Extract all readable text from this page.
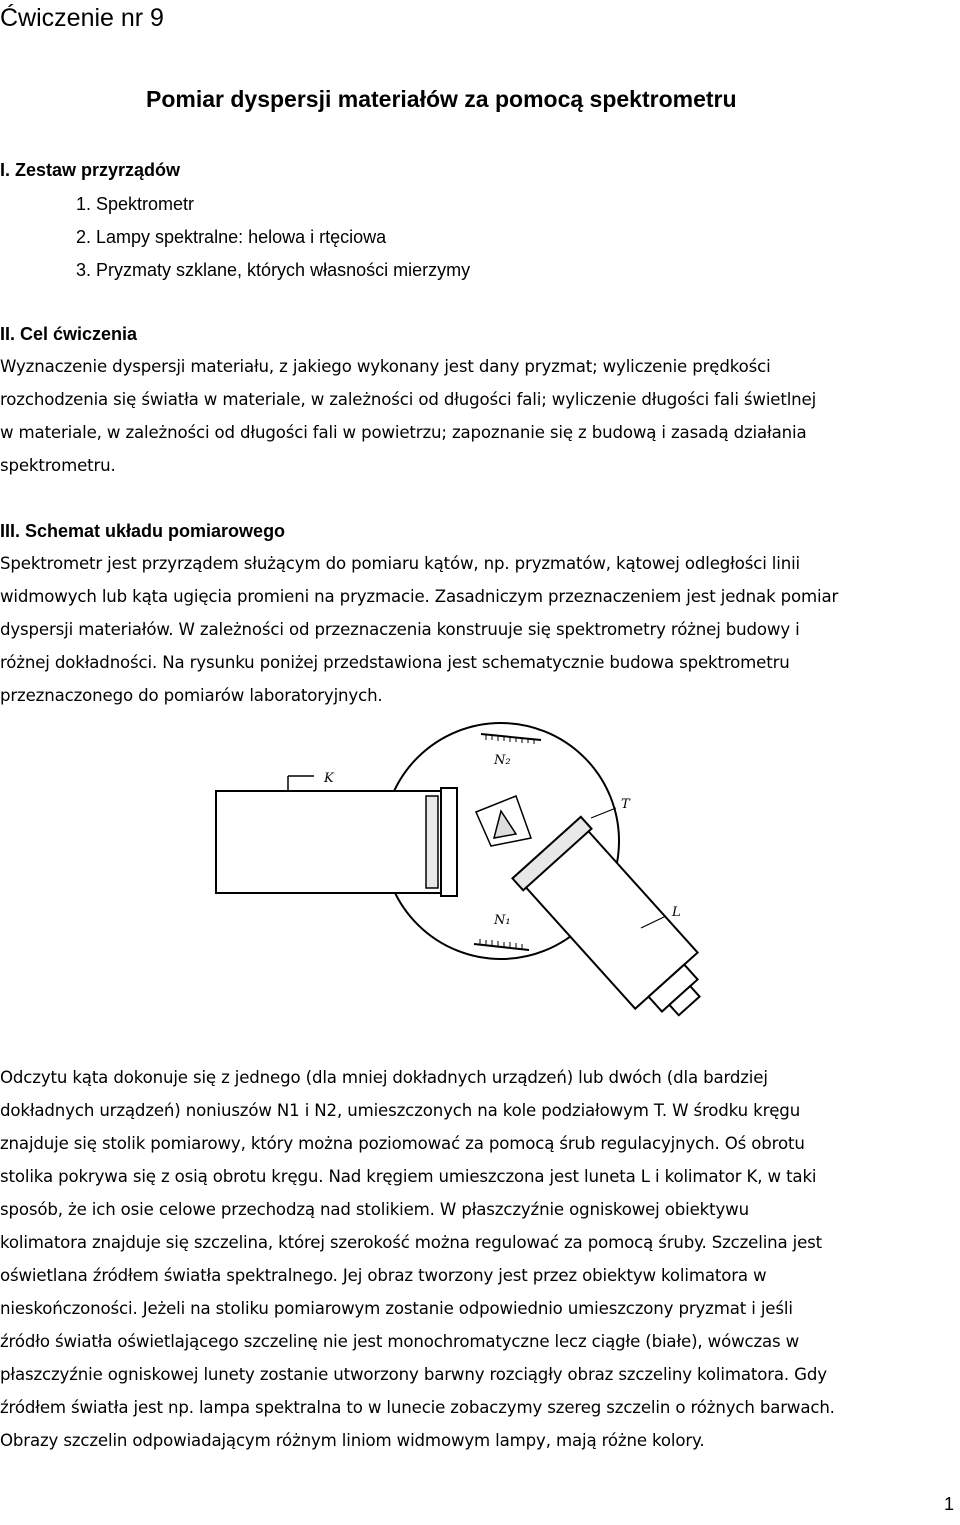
Ćwiczenie nr 9
Pomiar dyspersji materiałów za pomocą spektrometru
I. Zestaw przyrządów
1. Spektrometr
2. Lampy spektralne: helowa i rtęciowa
3. Pryzmaty szklane, których własności mierzymy
II. Cel ćwiczenia
Wyznaczenie dyspersji materiału, z jakiego wykonany jest dany pryzmat; wyliczenie prędkości
rozchodzenia się światła w materiale, w zależności od długości fali; wyliczenie długości fali świetlnej
w materiale, w zależności od długości fali w powietrzu; zapoznanie się z budową i zasadą działania
spektrometru.
III. Schemat układu pomiarowego
Spektrometr jest przyrządem służącym do pomiaru kątów, np. pryzmatów, kątowej odległości linii
widmowych lub kąta ugięcia promieni na pryzmacie. Zasadniczym przeznaczeniem jest jednak pomiar
dyspersji materiałów. W zależności od przeznaczenia konstruuje się spektrometry różnej budowy i
różnej dokładności. Na rysunku poniżej przedstawiona jest schematycznie budowa spektrometru
przeznaczonego do pomiarów laboratoryjnych.
K
N₂
N₁
T
L
Odczytu kąta dokonuje się z jednego (dla mniej dokładnych urządzeń) lub dwóch (dla bardziej
dokładnych urządzeń) noniuszów N1 i N2, umieszczonych na kole podziałowym T. W środku kręgu
znajduje się stolik pomiarowy, który można poziomować za pomocą śrub regulacyjnych. Oś obrotu
stolika pokrywa się z osią obrotu kręgu. Nad kręgiem umieszczona jest luneta L i kolimator K, w taki
sposób, że ich osie celowe przechodzą nad stolikiem. W płaszczyźnie ogniskowej obiektywu
kolimatora znajduje się szczelina, której szerokość można regulować za pomocą śruby. Szczelina jest
oświetlana źródłem światła spektralnego. Jej obraz tworzony jest przez obiektyw kolimatora w
nieskończoności. Jeżeli na stoliku pomiarowym zostanie odpowiednio umieszczony pryzmat i jeśli
źródło światła oświetlającego szczelinę nie jest monochromatyczne lecz ciągłe (białe), wówczas w
płaszczyźnie ogniskowej lunety zostanie utworzony barwny rozciągły obraz szczeliny kolimatora. Gdy
źródłem światła jest np. lampa spektralna to w lunecie zobaczymy szereg szczelin o różnych barwach.
Obrazy szczelin odpowiadającym różnym liniom widmowym lampy, mają różne kolory.
1
